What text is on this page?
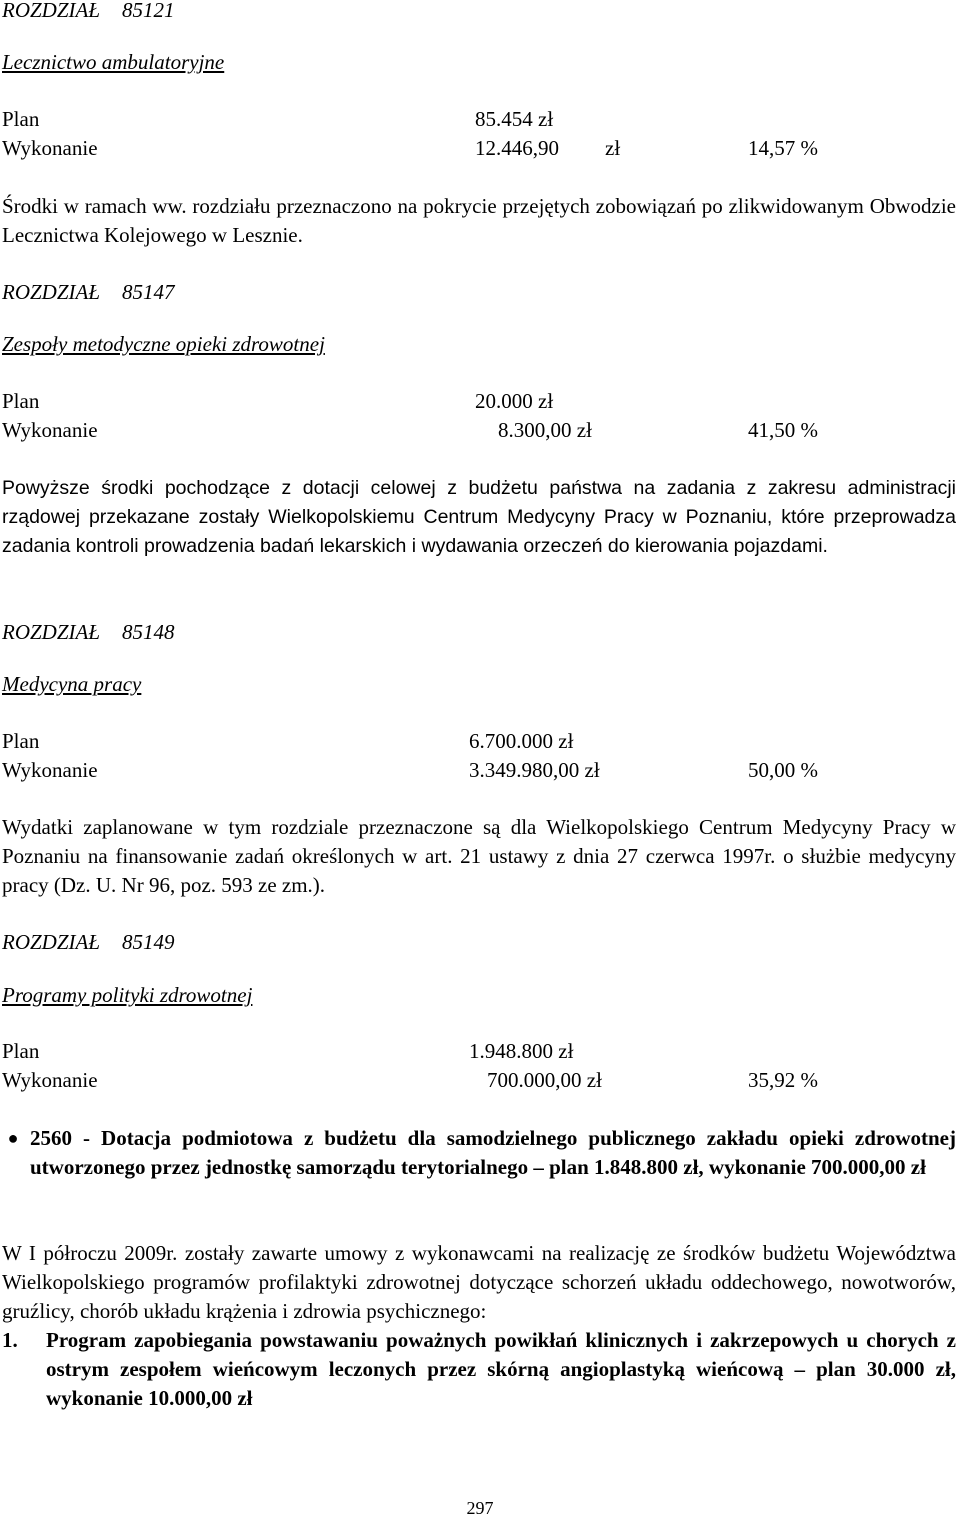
ROZDZIAŁ 85121

Lecznictwo ambulatoryjne

Plan	85.454 zł
Wykonanie	12.446,90 zł	14,57 %

Środki w ramach ww. rozdziału przeznaczono na pokrycie przejętych zobowiązań po zlikwidowanym Obwodzie Lecznictwa Kolejowego w Lesznie.

ROZDZIAŁ 85147

Zespoły metodyczne opieki zdrowotnej

Plan	20.000 zł
Wykonanie	8.300,00 zł	41,50 %

Powyższe środki pochodzące z dotacji celowej z budżetu państwa na zadania z zakresu administracji rządowej przekazane zostały Wielkopolskiemu Centrum Medycyny Pracy w Poznaniu, które przeprowadza zadania kontroli prowadzenia badań lekarskich i wydawania orzeczeń do kierowania pojazdami.

ROZDZIAŁ 85148

Medycyna pracy

Plan	6.700.000 zł
Wykonanie	3.349.980,00 zł	50,00 %

Wydatki zaplanowane w tym rozdziale przeznaczone są dla Wielkopolskiego Centrum Medycyny Pracy w Poznaniu na finansowanie zadań określonych w art. 21 ustawy z dnia 27 czerwca 1997r. o służbie medycyny pracy (Dz. U. Nr 96, poz. 593 ze zm.).

ROZDZIAŁ 85149

Programy polityki zdrowotnej

Plan	1.948.800 zł
Wykonanie	700.000,00 zł	35,92 %
● 2560 - Dotacja podmiotowa z budżetu dla samodzielnego publicznego zakładu opieki zdrowotnej utworzonego przez jednostkę samorządu terytorialnego – plan 1.848.800 zł, wykonanie 700.000,00 zł

W I półroczu 2009r. zostały zawarte umowy z wykonawcami na realizację ze środków budżetu Województwa Wielkopolskiego programów profilaktyki zdrowotnej dotyczące schorzeń układu oddechowego, nowotworów, gruźlicy, chorób układu krążenia i zdrowia psychicznego:

1. Program zapobiegania powstawaniu poważnych powikłań klinicznych i zakrzepowych u chorych z ostrym zespołem wieńcowym leczonych przez skórną angioplastyką wieńcową – plan 30.000 zł, wykonanie 10.000,00 zł
297
